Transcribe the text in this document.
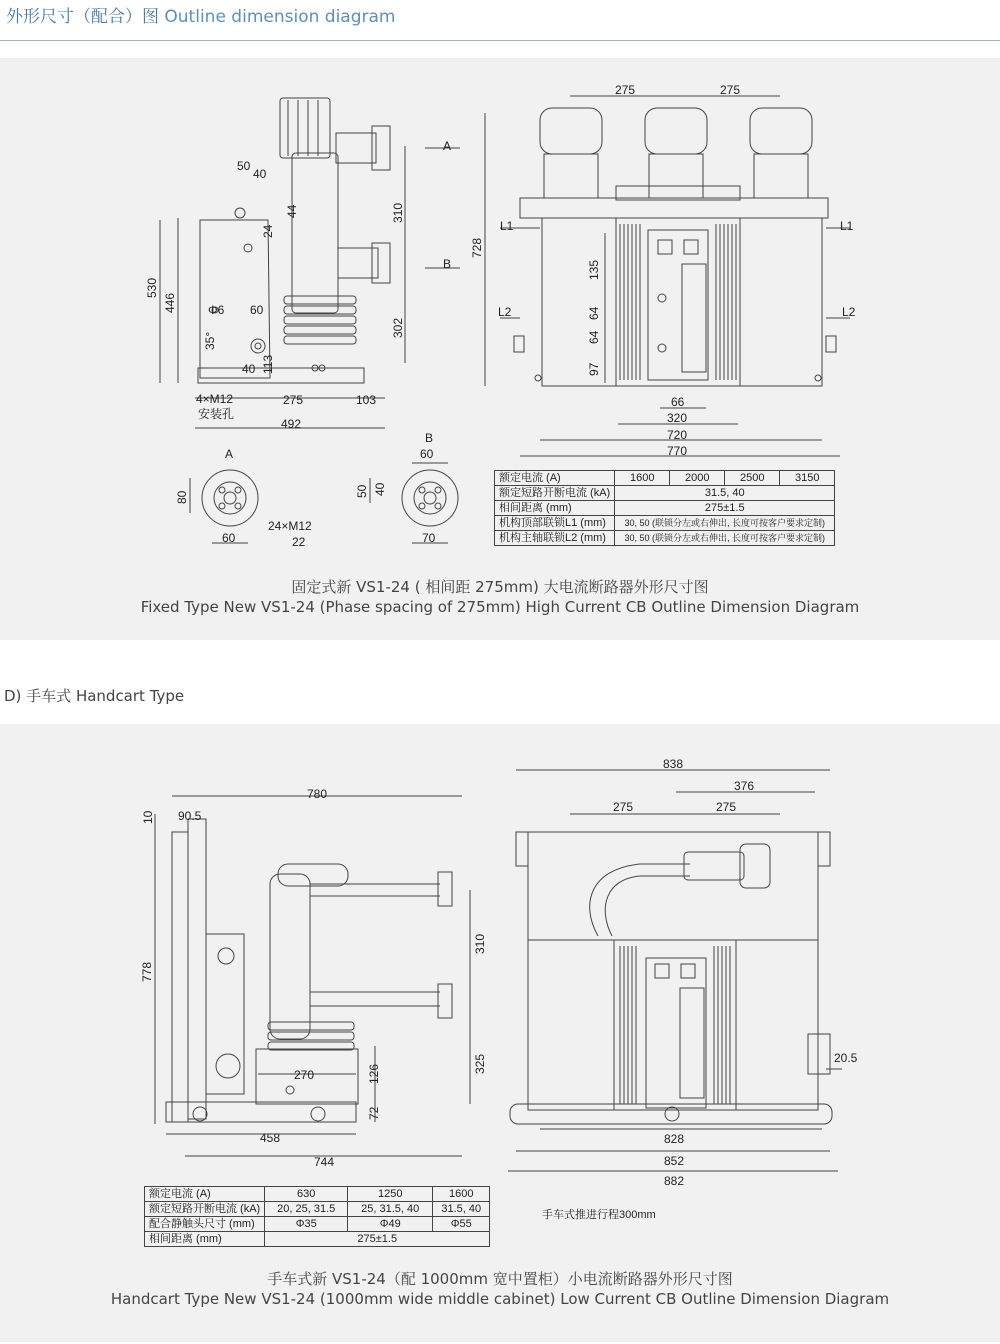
外形尺寸（配合）图 Outline dimension diagram
50
40
44
24
530
446	Φ6 60
35°
113
40
4×M12
安装孔
275	103
492
310
302
A
B
275	275
728
L1	L1
L2	L2
135
64
64
97
66
320
720
770
A
B
80
60
24×M12
22
60
50 40
70
额定电流 (A)	1600	2000	2500	3150
额定短路开断电流 (kA)	31.5, 40			
相间距离 (mm)	275±1.5			
机构顶部联锁L1 (mm)	30, 50 (联锁分左或右伸出, 长度可按客户要求定制)			
机构主轴联锁L2 (mm)	30, 50 (联锁分左或右伸出, 长度可按客户要求定制)			
固定式新 VS1-24 ( 相间距 275mm) 大电流断路器外形尺寸图
Fixed Type New VS1-24 (Phase spacing of 275mm) High Current CB Outline Dimension Diagram
D) 手车式 Handcart Type
10 90.5
780
778
310
325
270	126
72
458
744
838
376
275	275
20.5
828
852
882
手车式推进行程300mm
额定电流 (A)	630	1250	1600
额定短路开断电流 (kA)	20, 25, 31.5	25, 31.5, 40	31.5, 40
配合静触头尺寸 (mm)	Φ35	Φ49	Φ55
相间距离 (mm)	275±1.5		
手车式新 VS1-24（配 1000mm 宽中置柜）小电流断路器外形尺寸图
Handcart Type New VS1-24 (1000mm wide middle cabinet) Low Current CB Outline Dimension Diagram
